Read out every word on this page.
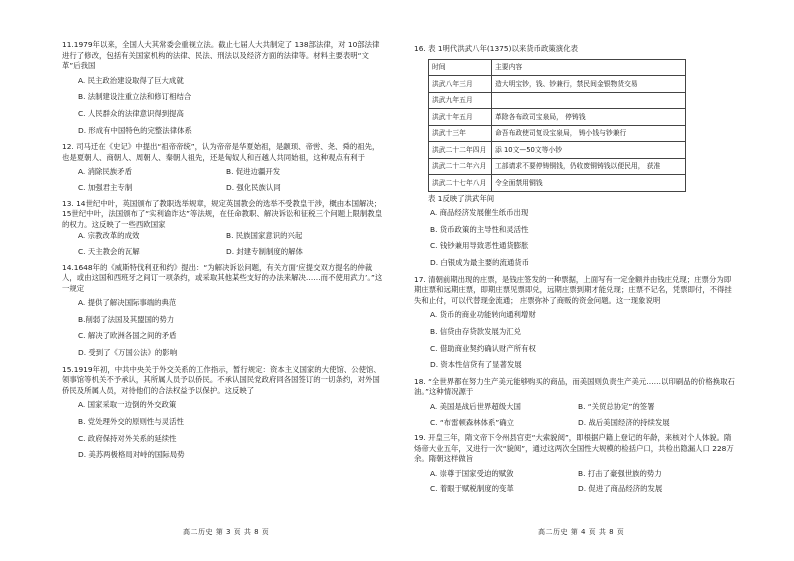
11.1979年以来，全国人大其常委会重视立法。截止七届人大共制定了 138部法律，对 10部法律进行了修改，包括有关国家机构的法律、民法、刑法以及经济方面的法律等。材料主要表明“文革”后我国
A. 民主政治建设取得了巨大成就
B. 法制建设注重立法和修订相结合
C. 人民群众的法律意识得到提高
D. 形成有中国特色的完整法律体系
12. 司马迁在《史记》中提出“祖帝帝统”，认为帝帝是华夏始祖，是颛顼、帝喾、尧、舜的祖先，也是夏朝人、商朝人、周朝人、秦朝人祖先，还是匈奴人和百越人共同始祖，这种观点有利于
A. 消除民族矛盾	B. 促进边疆开发
C. 加强君主专制	D. 强化民族认同
13. 14世纪中叶，英国颁布了教职选举规章，规定英国教会的选举不受教皇干涉，概由本国解决；15世纪中叶，法国颁布了“实利谕诈达”等法规，在任命教职、解决诉讼和征税三个问题上限制教皇的权力。这反映了一些西欧国家
A. 宗教改革的成效	B. 民族国家意识的兴起
C. 天主教会的瓦解	D. 封建专制制度的解体
14.1648年的《威斯特伐利亚和约》提出：“为解决诉讼问题，有关方面‘应提交双方提名的仲裁人，或由这国和西班牙之间订一项条约，或采取其他某些支好的办法来解决……而不使用武力’。”这一规定
A. 提供了解决国际事端的典范
B.削弱了法国及其盟国的势力
C. 解决了欧洲各国之间的矛盾
D. 受到了《万国公法》的影响
15.1919年初，中共中央关于外交关系的工作指示，暂行规定：资本主义国家的大使馆、公使馆、领事馆等机关不予承认，其所属人员予以侨民。不承认国民党政府同各国签订的一切条约，对外国侨民及所属人员，对待他们的合法权益予以保护。这反映了
A. 国家采取一边倒的外交政策
B. 党处理外交的原则性与灵活性
C. 政府保持对外关系的延续性
D. 美苏两极格局对峙的国际局势
16. 表 1明代洪武八年(1375)以来货币政策演化表
时间	主要内容
洪武八年三月	造大明宝钞，钱、钞兼行，禁民间金银物货交易
洪武九年五月	
洪武十年五月	革除各布政司宝泉局， 停铸钱
洪武十三年	命吾布政使司复设宝泉局， 铸小钱与钞兼行
洪武二十二年四月	添 10文—50文等小钞
洪武二十二年六月	工部请求不要停铸铜钱，仍收废铜铸钱以便民用， 获准
洪武二十七年八月	令全面禁用铜钱
表 1反映了洪武年间
A. 商品经济发展催生纸币出现
B. 货币政策的主导性和灵活性
C. 钱钞兼用导致恶性通货膨胀
D. 白银成为最主要的流通货币
17. 清朝前期出现的庄票，是钱庄签发的一种票据，上面写有一定金额并由钱庄兑现；庄票分为即期庄票和远期庄票，即期庄票见票即兑，远期庄票到期才能兑现；庄票不记名，凭票即付，不得挂失和止付，可以代替现金流通； 庄票弥补了商贩的资金问题。这一现象说明
A. 货币的商业功能转向通利增财
B. 信贷由存贷款发展为汇兑
C. 借助商业契约确认财产所有权
D. 资本性信贷有了显著发展
18. “全世界都在努力生产美元能够购买的商品，而美国则负责生产美元……以印刷品的价格换取石油。”这种情况源于
A. 美国是战后世界超级大国	B. “关贸总协定”的签署
C. “布雷顿森林体系”确立	D. 战后美国经济的持续发展
19. 开皇三年，隋文帝下令州县官吏“大索貌阅”，即根据户籍上登记的年龄，来核对个人体貌。隋炀帝大业五年，又进行一次“貌阅”，通过这两次全国性大规模的检括户口，共检出隐漏人口 228万余。隋朝这样做旨
A. 崇尊于国家受迫的赋敛	B. 打击了豪强世族的势力
C. 着眼于赋税制度的变革	D. 促进了商品经济的发展
高二历史 第 3 页 共 8 页	高二历史 第 4 页 共 8 页
